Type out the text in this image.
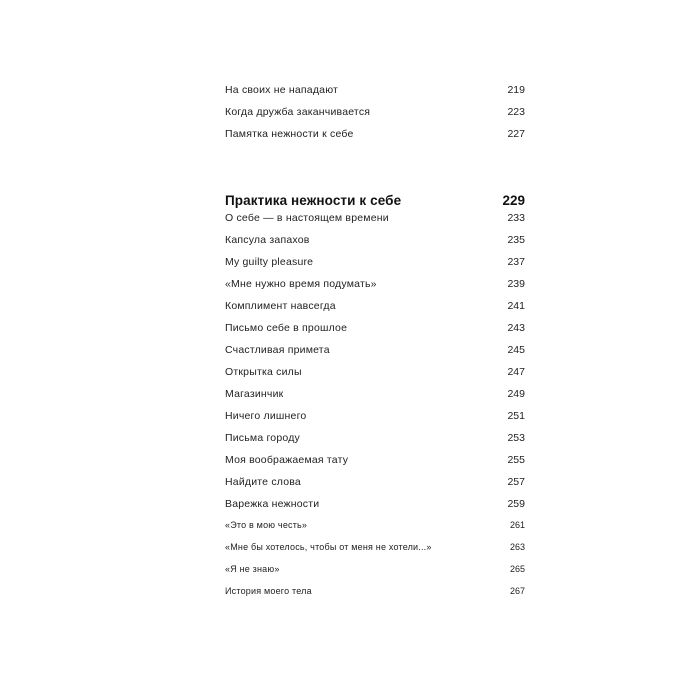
На своих не нападают	219
Когда дружба заканчивается	223
Памятка нежности к себе	227
Практика нежности к себе	229
О себе — в настоящем времени	233
Капсула запахов	235
My guilty pleasure	237
«Мне нужно время подумать»	239
Комплимент навсегда	241
Письмо себе в прошлое	243
Счастливая примета	245
Открытка силы	247
Магазинчик	249
Ничего лишнего	251
Письма городу	253
Моя воображаемая тату	255
Найдите слова	257
Варежка нежности	259
«Это в мою честь»	261
«Мне бы хотелось, чтобы от меня не хотели...»	263
«Я не знаю»	265
История моего тела	267
